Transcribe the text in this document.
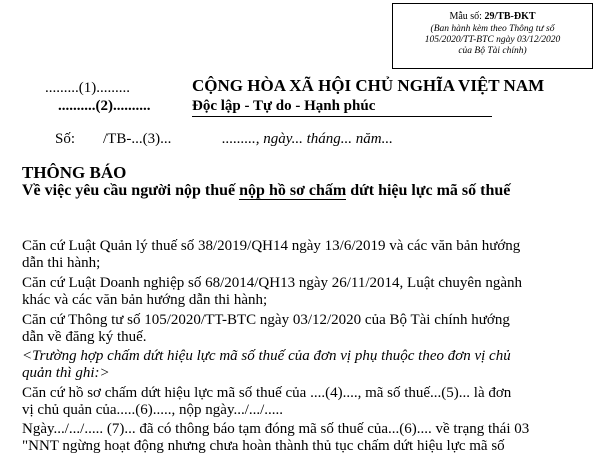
Mẫu số: 29/TB-ĐKT
(Ban hành kèm theo Thông tư số
105/2020/TT-BTC ngày 03/12/2020
của Bộ Tài chính)
.........(1).........
..........(2)..........
CỘNG HÒA XÃ HỘI CHỦ NGHĨA VIỆT NAM
Độc lập - Tự do - Hạnh phúc
Số: /TB-...(3)...	........., ngày... tháng... năm...
THÔNG BÁO
Về việc yêu cầu người nộp thuế nộp hồ sơ chấm dứt hiệu lực mã số thuế
Căn cứ Luật Quản lý thuế số 38/2019/QH14 ngày 13/6/2019 và các văn bản hướng
dẫn thi hành;
Căn cứ Luật Doanh nghiệp số 68/2014/QH13 ngày 26/11/2014, Luật chuyên ngành
khác và các văn bản hướng dẫn thi hành;
Căn cứ Thông tư số 105/2020/TT-BTC ngày 03/12/2020 của Bộ Tài chính hướng
dẫn về đăng ký thuế.
<Trường hợp chấm dứt hiệu lực mã số thuế của đơn vị phụ thuộc theo đơn vị chủ
quản thì ghi:>
Căn cứ hồ sơ chấm dứt hiệu lực mã số thuế của ....(4)...., mã số thuế...(5)... là đơn
vị chủ quản của.....(6)....., nộp ngày.../.../.....
Ngày.../.../..... (7)... đã có thông báo tạm đóng mã số thuế của...(6).... về trạng thái 03
"NNT ngừng hoạt động nhưng chưa hoàn thành thủ tục chấm dứt hiệu lực mã số
